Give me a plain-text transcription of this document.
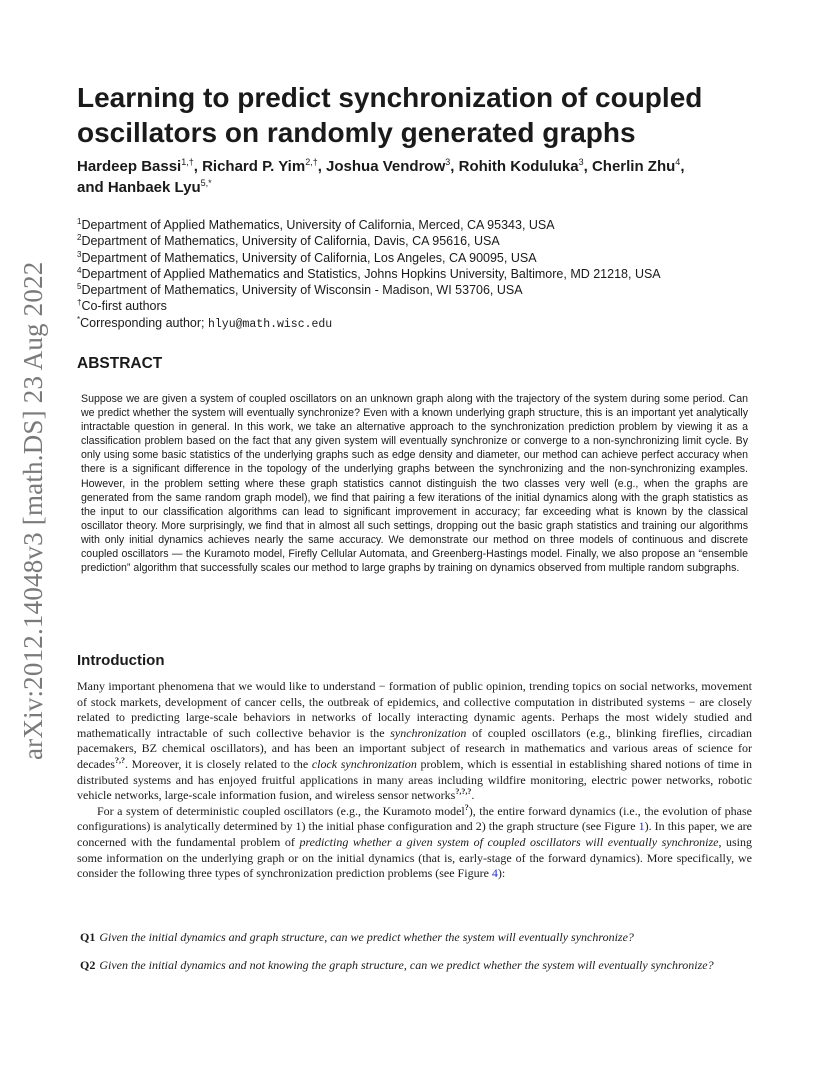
arXiv:2012.14048v3 [math.DS] 23 Aug 2022
Learning to predict synchronization of coupled oscillators on randomly generated graphs
Hardeep Bassi$^{1,\dagger}$, Richard P. Yim$^{2,\dagger}$, Joshua Vendrow$^3$, Rohith Koduluka$^3$, Cherlin Zhu$^4$,
and Hanbaek Lyu$^{5,*}$
$^1$Department of Applied Mathematics, University of California, Merced, CA 95343, USA
$^2$Department of Mathematics, University of California, Davis, CA 95616, USA
$^3$Department of Mathematics, University of California, Los Angeles, CA 90095, USA
$^4$Department of Applied Mathematics and Statistics, Johns Hopkins University, Baltimore, MD 21218, USA
$^5$Department of Mathematics, University of Wisconsin - Madison, WI 53706, USA
†Co-first authors
*Corresponding author; hlyu@math.wisc.edu
ABSTRACT
Suppose we are given a system of coupled oscillators on an unknown graph along with the trajectory of the system during some period. Can we predict whether the system will eventually synchronize? Even with a known underlying graph structure, this is an important yet analytically intractable question in general. In this work, we take an alternative approach to the synchronization prediction problem by viewing it as a classification problem based on the fact that any given system will eventually synchronize or converge to a non-synchronizing limit cycle. By only using some basic statistics of the underlying graphs such as edge density and diameter, our method can achieve perfect accuracy when there is a significant difference in the topology of the underlying graphs between the synchronizing and the non-synchronizing examples. However, in the problem setting where these graph statistics cannot distinguish the two classes very well (e.g., when the graphs are generated from the same random graph model), we find that pairing a few iterations of the initial dynamics along with the graph statistics as the input to our classification algorithms can lead to significant improvement in accuracy; far exceeding what is known by the classical oscillator theory. More surprisingly, we find that in almost all such settings, dropping out the basic graph statistics and training our algorithms with only initial dynamics achieves nearly the same accuracy. We demonstrate our method on three models of continuous and discrete coupled oscillators — the Kuramoto model, Firefly Cellular Automata, and Greenberg-Hastings model. Finally, we also propose an “ensemble prediction” algorithm that successfully scales our method to large graphs by training on dynamics observed from multiple random subgraphs.
Introduction

Many important phenomena that we would like to understand − formation of public opinion, trending topics on social networks, movement of stock markets, development of cancer cells, the outbreak of epidemics, and collective computation in distributed systems − are closely related to predicting large-scale behaviors in networks of locally interacting dynamic agents. Perhaps the most widely studied and mathematically intractable of such collective behavior is the synchronization of coupled oscillators (e.g., blinking fireflies, circadian pacemakers, BZ chemical oscillators), and has been an important subject of research in mathematics and various areas of science for decades?,?. Moreover, it is closely related to the clock synchronization problem, which is essential in establishing shared notions of time in distributed systems and has enjoyed fruitful applications in many areas including wildfire monitoring, electric power networks, robotic vehicle networks, large-scale information fusion, and wireless sensor networks?,?,?.

For a system of deterministic coupled oscillators (e.g., the Kuramoto model?), the entire forward dynamics (i.e., the evolution of phase configurations) is analytically determined by 1) the initial phase configuration and 2) the graph structure (see Figure 1). In this paper, we are concerned with the fundamental problem of predicting whether a given system of coupled oscillators will eventually synchronize, using some information on the underlying graph or on the initial dynamics (that is, early-stage of the forward dynamics). More specifically, we consider the following three types of synchronization prediction problems (see Figure 4):

Q1 Given the initial dynamics and graph structure, can we predict whether the system will eventually synchronize?
Q2 Given the initial dynamics and not knowing the graph structure, can we predict whether the system will eventually synchronize?
